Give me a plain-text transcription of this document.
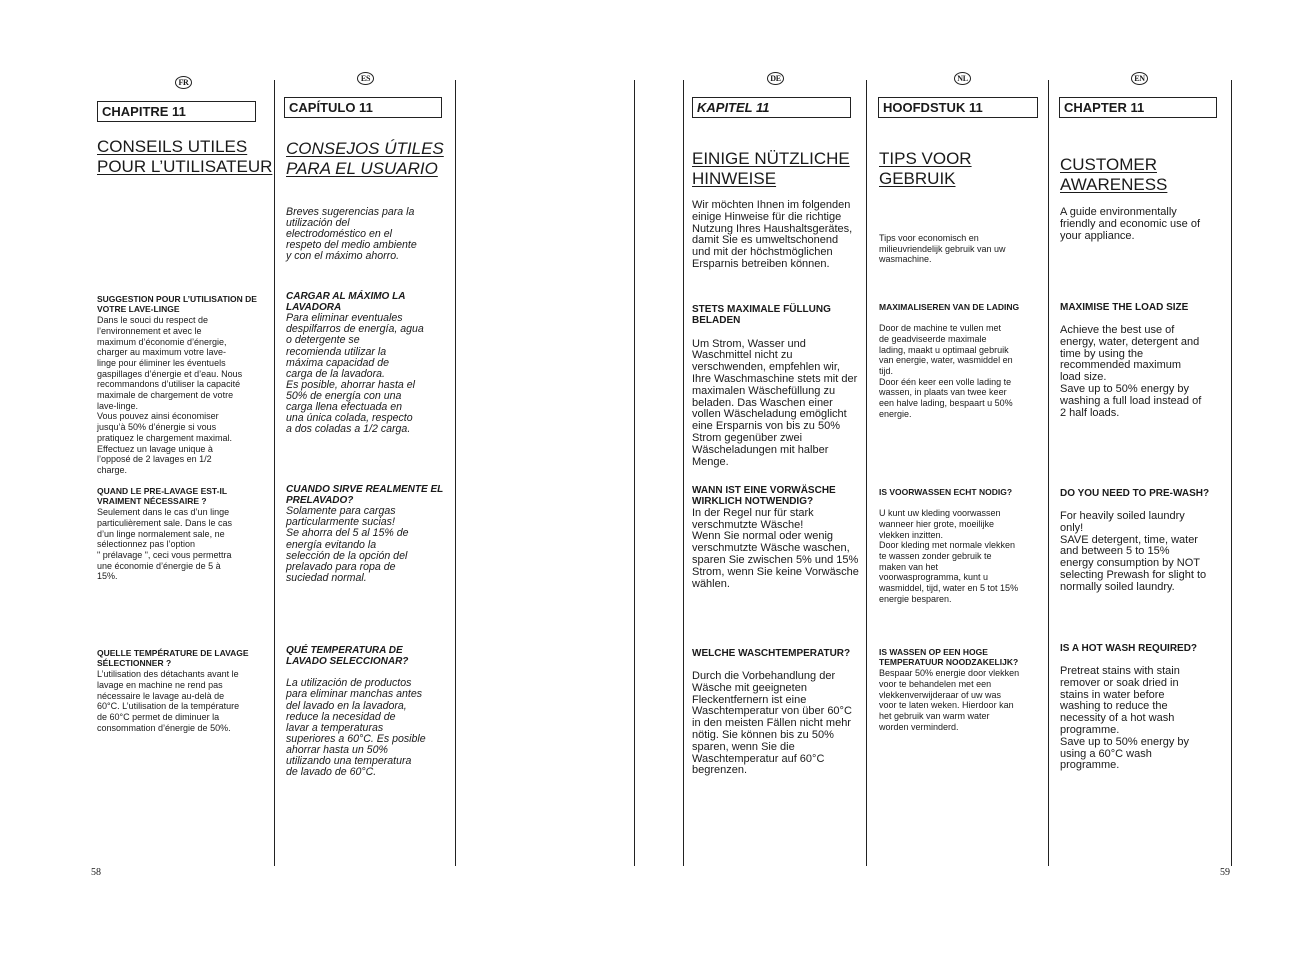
FR
CHAPITRE 11
CONSEILS UTILES
POUR L’UTILISATEUR

SUGGESTION POUR L’UTILISATION DE
VOTRE LAVE-LINGE
Dans le souci du respect de
l’environnement et avec le
maximum d’économie d’énergie,
charger au maximum votre lave-
linge pour éliminer les éventuels
gaspillages d’énergie et d’eau. Nous
recommandons d’utiliser la capacité
maximale de chargement de votre
lave-linge.
Vous pouvez ainsi économiser
jusqu’à 50% d’énergie si vous
pratiquez le chargement maximal.
Effectuez un lavage unique à
l’opposé de 2 lavages en 1/2
charge.

QUAND LE PRE-LAVAGE EST-IL
VRAIMENT NÉCESSAIRE ?
Seulement dans le cas d’un linge
particulièrement sale. Dans le cas
d’un linge normalement sale, ne
sélectionnez pas l’option
" prélavage ", ceci vous permettra
une économie d’énergie de 5 à
15%.

QUELLE TEMPÉRATURE DE LAVAGE
SÉLECTIONNER ?
L’utilisation des détachants avant le
lavage en machine ne rend pas
nécessaire le lavage au-delà de
60°C. L’utilisation de la température
de 60°C permet de diminuer la
consommation d’énergie de 50%.

ES
CAPÍTULO 11
CONSEJOS ÚTILES
PARA EL USUARIO
Breves sugerencias para la
utilización del
electrodoméstico en el
respeto del medio ambiente
y con el máximo ahorro.

CARGAR AL MÁXIMO LA
LAVADORA
Para eliminar eventuales
despilfarros de energía, agua
o detergente se
recomienda utilizar la
máxima capacidad de
carga de la lavadora.
Es posible, ahorrar hasta el
50% de energía con una
carga llena efectuada en
una única colada, respecto
a dos coladas a 1/2 carga.

CUANDO SIRVE REALMENTE EL
PRELAVADO?
Solamente para cargas
particularmente sucias!
Se ahorra del 5 al 15% de
energía evitando la
selección de la opción del
prelavado para ropa de
suciedad normal.

QUÉ TEMPERATURA DE
LAVADO SELECCIONAR?

La utilización de productos
para eliminar manchas antes
del lavado en la lavadora,
reduce la necesidad de
lavar a temperaturas
superiores a 60°C. Es posible
ahorrar hasta un 50%
utilizando una temperatura
de lavado de 60°C.

DE
KAPITEL 11
EINIGE NÜTZLICHE
HINWEISE
Wir möchten Ihnen im folgenden
einige Hinweise für die richtige
Nutzung Ihres Haushaltsgerätes,
damit Sie es umweltschonend
und mit der höchstmöglichen
Ersparnis betreiben können.

STETS MAXIMALE FÜLLUNG
BELADEN

Um Strom, Wasser und
Waschmittel nicht zu
verschwenden, empfehlen wir,
Ihre Waschmaschine stets mit der
maximalen Wäschefüllung zu
beladen. Das Waschen einer
vollen Wäscheladung emöglicht
eine Ersparnis von bis zu 50%
Strom gegenüber zwei
Wäscheladungen mit halber
Menge.

WANN IST EINE VORWÄSCHE
WIRKLICH NOTWENDIG?
In der Regel nur für stark
verschmutzte Wäsche!
Wenn Sie normal oder wenig
verschmutzte Wäsche waschen,
sparen Sie zwischen 5% und 15%
Strom, wenn Sie keine Vorwäsche
wählen.

WELCHE WASCHTEMPERATUR?

Durch die Vorbehandlung der
Wäsche mit geeigneten
Fleckentfernern ist eine
Waschtemperatur von über 60°C
in den meisten Fällen nicht mehr
nötig. Sie können bis zu 50%
sparen, wenn Sie die
Waschtemperatur auf 60°C
begrenzen.

NL
HOOFDSTUK 11
TIPS VOOR
GEBRUIK
Tips voor economisch en
milieuvriendelijk gebruik van uw
wasmachine.

MAXIMALISEREN VAN DE LADING

Door de machine te vullen met
de geadviseerde maximale
lading, maakt u optimaal gebruik
van energie, water, wasmiddel en
tijd.
Door één keer een volle lading te
wassen, in plaats van twee keer
een halve lading, bespaart u 50%
energie.

IS VOORWASSEN ECHT NODIG?

U kunt uw kleding voorwassen
wanneer hier grote, moeilijke
vlekken inzitten.
Door kleding met normale vlekken
te wassen zonder gebruik te
maken van het
voorwasprogramma, kunt u
wasmiddel, tijd, water en 5 tot 15%
energie besparen.

IS WASSEN OP EEN HOGE
TEMPERATUUR NOODZAKELIJK?
Bespaar 50% energie door vlekken
voor te behandelen met een
vlekkenverwijderaar of uw was
voor te laten weken. Hierdoor kan
het gebruik van warm water
worden verminderd.

EN
CHAPTER 11
CUSTOMER
AWARENESS
A guide environmentally
friendly and economic use of
your appliance.

MAXIMISE THE LOAD SIZE

Achieve the best use of
energy, water, detergent and
time by using the
recommended maximum
load size.
Save up to 50% energy by
washing a full load instead of
2 half loads.

DO YOU NEED TO PRE-WASH?

For heavily soiled laundry
only!
SAVE detergent, time, water
and between 5 to 15%
energy consumption by NOT
selecting Prewash for slight to
normally soiled laundry.

IS A HOT WASH REQUIRED?

Pretreat stains with stain
remover or soak dried in
stains in water before
washing to reduce the
necessity of a hot wash
programme.
Save up to 50% energy by
using a 60°C wash
programme.

58	59
